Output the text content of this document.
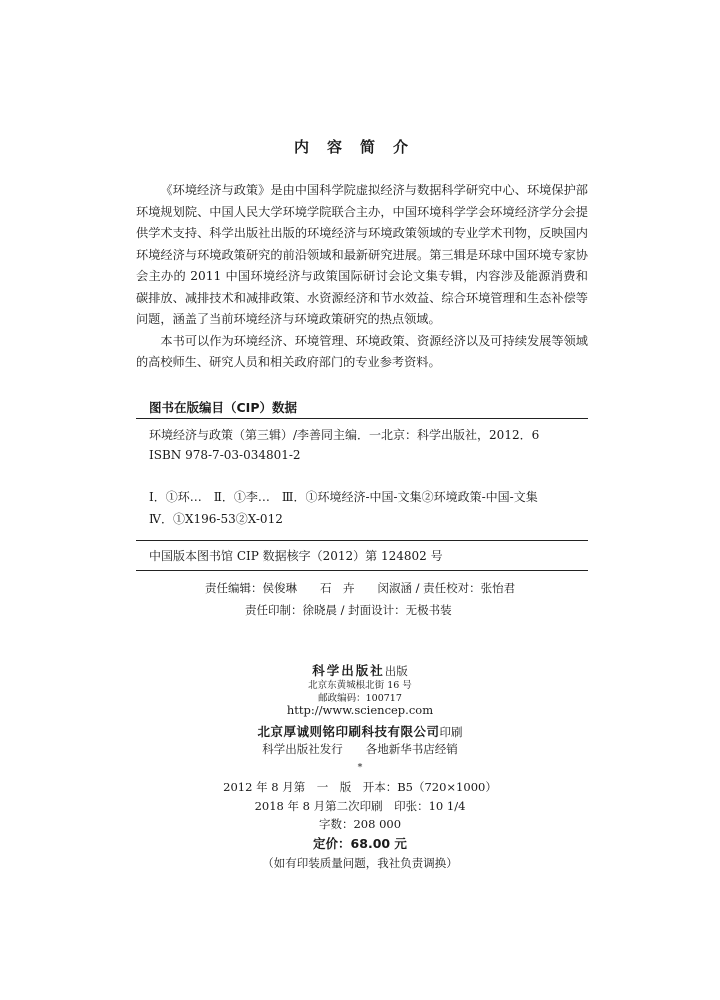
内容简介

《环境经济与政策》是由中国科学院虚拟经济与数据科学研究中心、环境保护部环境规划院、中国人民大学环境学院联合主办，中国环境科学学会环境经济学分会提供学术支持、科学出版社出版的环境经济与环境政策领域的专业学术刊物，反映国内环境经济与环境政策研究的前沿领域和最新研究进展。第三辑是环球中国环境专家协会主办的 2011 中国环境经济与政策国际研讨会论文集专辑，内容涉及能源消费和碳排放、减排技术和减排政策、水资源经济和节水效益、综合环境管理和生态补偿等问题，涵盖了当前环境经济与环境政策研究的热点领域。

本书可以作为环境经济、环境管理、环境政策、资源经济以及可持续发展等领域的高校师生、研究人员和相关政府部门的专业参考资料。

图书在版编目（CIP）数据
环境经济与政策（第三辑）/李善同主编．一北京：科学出版社，2012．6
ISBN 978-7-03-034801-2
Ⅰ．①环…　Ⅱ．①李…　Ⅲ．①环境经济-中国-文集②环境政策-中国-文集
Ⅳ．①X196-53②X-012
中国版本图书馆 CIP 数据核字（2012）第 124802 号
责任编辑：侯俊琳　　石　卉　　闵淑涵 / 责任校对：张怡君
责任印制：徐晓晨 / 封面设计：无极书装
科学出版社出版
北京东黄城根北街 16 号
邮政编码：100717
http://www.sciencep.com
北京厚诚则铭印刷科技有限公司印刷
科学出版社发行　　各地新华书店经销
*
2012 年 8 月第　一　版　开本：B5（720×1000）
2018 年 8 月第二次印刷　印张：10 1/4
字数：208 000
定价：68.00 元
（如有印装质量问题，我社负责调换）
